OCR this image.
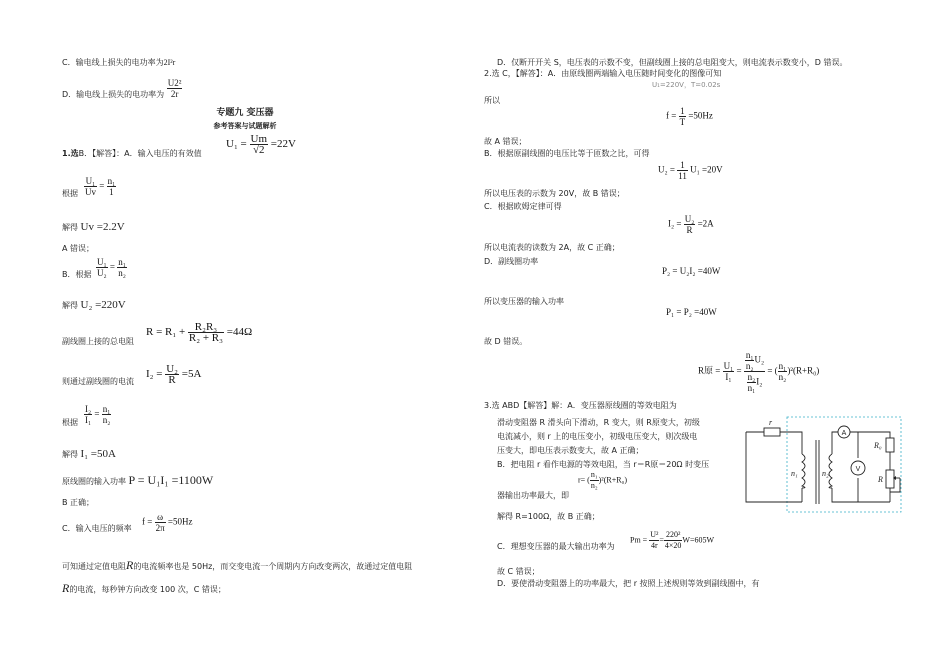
C．输电线上损失的电功率为2I²r
D．输电线上损失的电功率为 $\frac{\text{U2²}}{2r}$
专题九 变压器
参考答案与试题解析
1.选B．【解答】：A．输入电压的有效值
$U_1 = \frac{Um}{√2} =22V$
根据 $\frac{\text{U₁}}{Uv} = \frac{\text{n₁}}{1}$
解得 Uv =2.2V
A 错误；
B．根据 $\frac{\text{U₁}}{\text{U₂}} = \frac{\text{n₁}}{\text{n₂}}$
解得 U₂ =220V
副线圈上接的总电阻
$R = R_1 + \frac{\text{R₂R₃}}{\text{R₂ + R₃}} =44\Omega$
则通过副线圈的电流
$I_2 = \frac{\text{U₂}}{R} =5A$
根据 $\frac{\text{I₂}}{\text{I₁}} = \frac{\text{n₁}}{\text{n₂}}$
解得 I₁ =50A
原线圈的输入功率 P = U₁I₁ =1100W
B 正确；
C．输入电压的频率
$f = \frac{\omega}{2\pi} =50Hz$
可知通过定值电阻R的电流频率也是 50Hz，而交变电流一个周期内方向改变两次，故通过定值电阻
R的电流，每秒钟方向改变 100 次，C 错误；
D．仅断开开关 S，电压表的示数不变，但副线圈上接的总电阻变大，则电流表示数变小，D 错误。
2.选 C，【解答】：A．由原线圈两端输入电压随时间变化的图像可知
U₁=220V，T=0.02s
所以
$f = \frac{1}{T} =50Hz$
故 A 错误；
B．根据原副线圈的电压比等于匝数之比，可得
$U_2 = \frac{1}{11} U_1 =20V$
所以电压表的示数为 20V，故 B 错误；
C．根据欧姆定律可得
$I_2 = \frac{\text{U₂}}{R} =2A$
所以电流表的读数为 2A，故 C 正确；
D．副线圈功率
P₂ = U₂I₂ =40W
所以变压器的输入功率
P₁ = P₂ =40W
故 D 错误。
R原 = $\frac{\text{U₁}}{\text{I₁}} = \frac{\frac{\text{n₁}}{\text{n₂}} U_2}{\frac{\text{n₂}}{\text{n₁}} I_2}$ = ( $\frac{\text{n₁}}{\text{n₂}} )^2(R+R_0)$
3.选 ABD【解答】解：A．变压器原线圈的等效电阻为
滑动变阻器 R 滑头向下滑动，R 变大，则 R原变大，初级
电流减小，则 r 上的电压变小，初级电压变大，则次级电
压变大，即电压表示数变大，故 A 正确；
B．把电阻 r 看作电源的等效电阻，当 r＝R原＝20Ω 时变压
r= ( $\frac{\text{n₁}}{\text{n₂}} )^2(R+R_0)$
器输出功率最大，即
解得 R=100Ω，故 B 正确；
C．理想变压器的最大输出功率为
$Pm = \frac{\text{U²}}{4r} = \frac{\text{220²}}{4\times 20} W=605W$
故 C 错误；
D．要使滑动变阻器上的功率最大，把 r 按照上述规则等效到副线圈中，有
r
n₁	n₂
R₀
R
A
V
